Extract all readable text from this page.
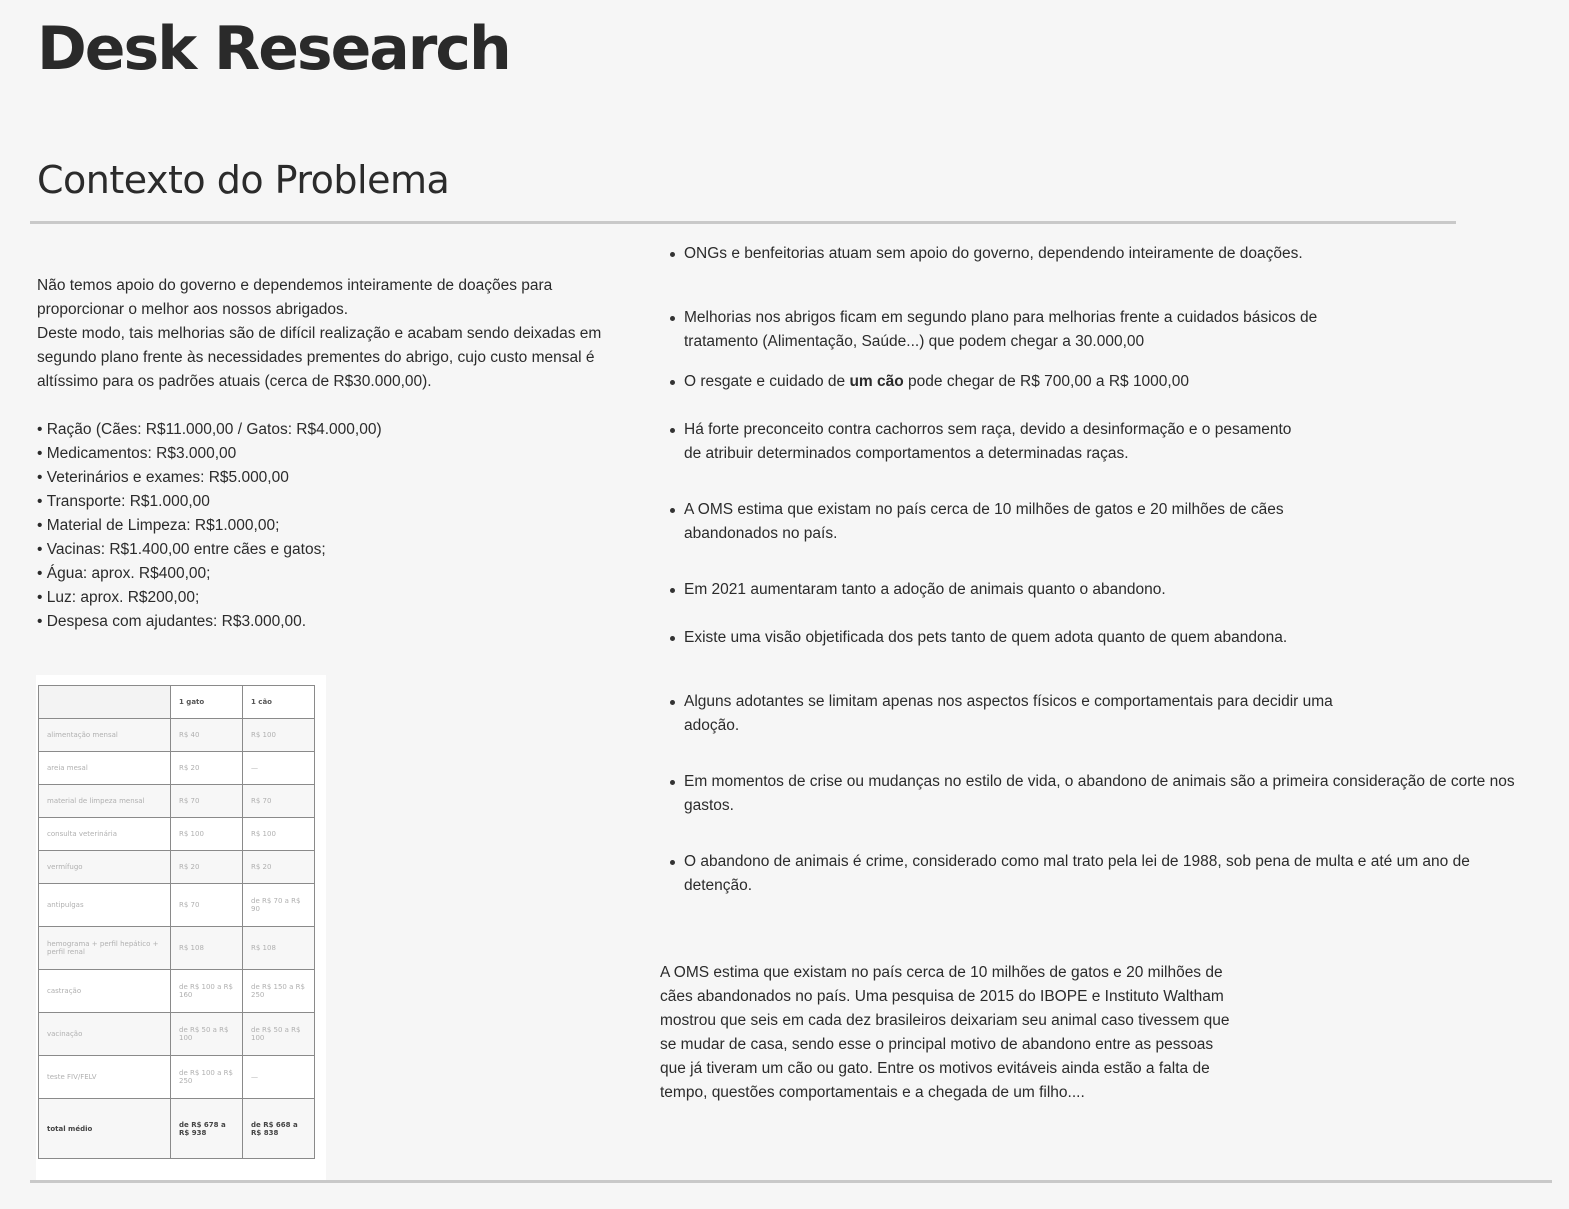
Desk Research
Contexto do Problema

Não temos apoio do governo e dependemos inteiramente de doações para proporcionar o melhor aos nossos abrigados.

Deste modo, tais melhorias são de difícil realização e acabam sendo deixadas em segundo plano frente às necessidades prementes do abrigo, cujo custo mensal é altíssimo para os padrões atuais (cerca de R$30.000,00).

• Ração (Cães: R$11.000,00 / Gatos: R$4.000,00)
• Medicamentos: R$3.000,00
• Veterinários e exames: R$5.000,00
• Transporte: R$1.000,00
• Material de Limpeza: R$1.000,00;
• Vacinas: R$1.400,00 entre cães e gatos;
• Água: aprox. R$400,00;
• Luz: aprox. R$200,00;
• Despesa com ajudantes: R$3.000,00.
	1 gato	1 cão
alimentação mensal	R$ 40	R$ 100
areia mesal	R$ 20	—
material de limpeza mensal	R$ 70	R$ 70
consulta veterinária	R$ 100	R$ 100
vermífugo	R$ 20	R$ 20
antipulgas	R$ 70	de R$ 70 a R$ 90
hemograma + perfil hepático + perfil renal	R$ 108	R$ 108
castração	de R$ 100 a R$ 160	de R$ 150 a R$ 250
vacinação	de R$ 50 a R$ 100	de R$ 50 a R$ 100
teste FIV/FELV	de R$ 100 a R$ 250	—
total médio	de R$ 678 a R$ 938	de R$ 668 a R$ 838
ONGs e benfeitorias atuam sem apoio do governo, dependendo inteiramente de doações.
Melhorias nos abrigos ficam em segundo plano para melhorias frente a cuidados básicos de tratamento (Alimentação, Saúde...) que podem chegar a 30.000,00
O resgate e cuidado de um cão pode chegar de R$ 700,00 a R$ 1000,00
Há forte preconceito contra cachorros sem raça, devido a desinformação e o pesamento de atribuir determinados comportamentos a determinadas raças.
A OMS estima que existam no país cerca de 10 milhões de gatos e 20 milhões de cães abandonados no país.
Em 2021 aumentaram tanto a adoção de animais quanto o abandono.
Existe uma visão objetificada dos pets tanto de quem adota quanto de quem abandona.
Alguns adotantes se limitam apenas nos aspectos físicos e comportamentais para decidir uma adoção.
Em momentos de crise ou mudanças no estilo de vida, o abandono de animais são a primeira consideração de corte nos gastos.
O abandono de animais é crime, considerado como mal trato pela lei de 1988, sob pena de multa e até um ano de detenção.

A OMS estima que existam no país cerca de 10 milhões de gatos e 20 milhões de cães abandonados no país. Uma pesquisa de 2015 do IBOPE e Instituto Waltham mostrou que seis em cada dez brasileiros deixariam seu animal caso tivessem que se mudar de casa, sendo esse o principal motivo de abandono entre as pessoas que já tiveram um cão ou gato. Entre os motivos evitáveis ainda estão a falta de tempo, questões comportamentais e a chegada de um filho....
